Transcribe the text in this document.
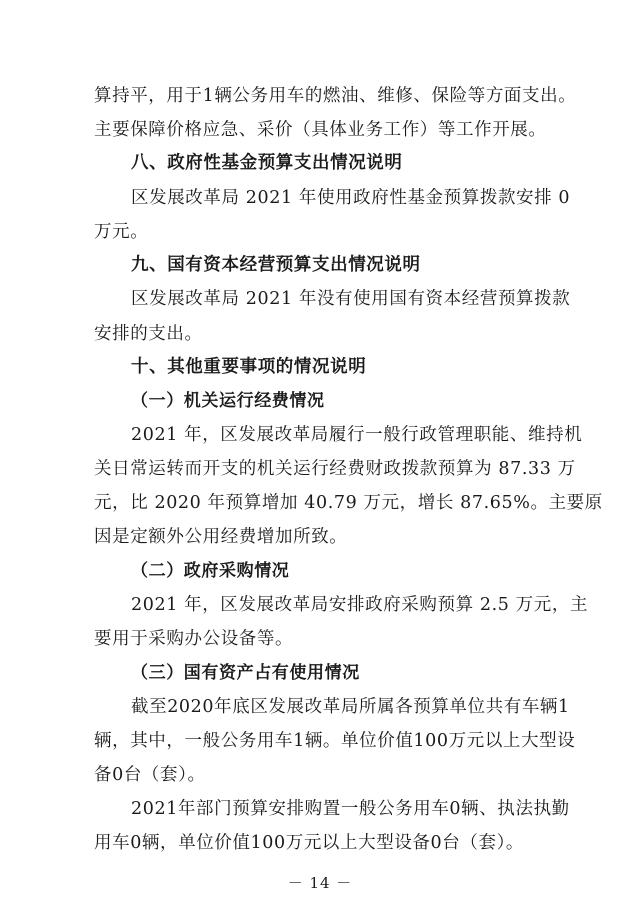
算持平，用于1辆公务用车的燃油、维修、保险等方面支出。
主要保障价格应急、采价（具体业务工作）等工作开展。
八、政府性基金预算支出情况说明
区发展改革局 2021 年使用政府性基金预算拨款安排 0
万元。
九、国有资本经营预算支出情况说明
区发展改革局 2021 年没有使用国有资本经营预算拨款
安排的支出。
十、其他重要事项的情况说明
（一）机关运行经费情况
2021 年，区发展改革局履行一般行政管理职能、维持机
关日常运转而开支的机关运行经费财政拨款预算为 87.33 万
元，比 2020 年预算增加 40.79 万元，增长 87.65%。主要原
因是定额外公用经费增加所致。
（二）政府采购情况
2021 年，区发展改革局安排政府采购预算 2.5 万元，主
要用于采购办公设备等。
（三）国有资产占有使用情况
截至2020年底区发展改革局所属各预算单位共有车辆1
辆，其中，一般公务用车1辆。单位价值100万元以上大型设
备0台（套）。
2021年部门预算安排购置一般公务用车0辆、执法执勤
用车0辆，单位价值100万元以上大型设备0台（套）。
－ 14 －
